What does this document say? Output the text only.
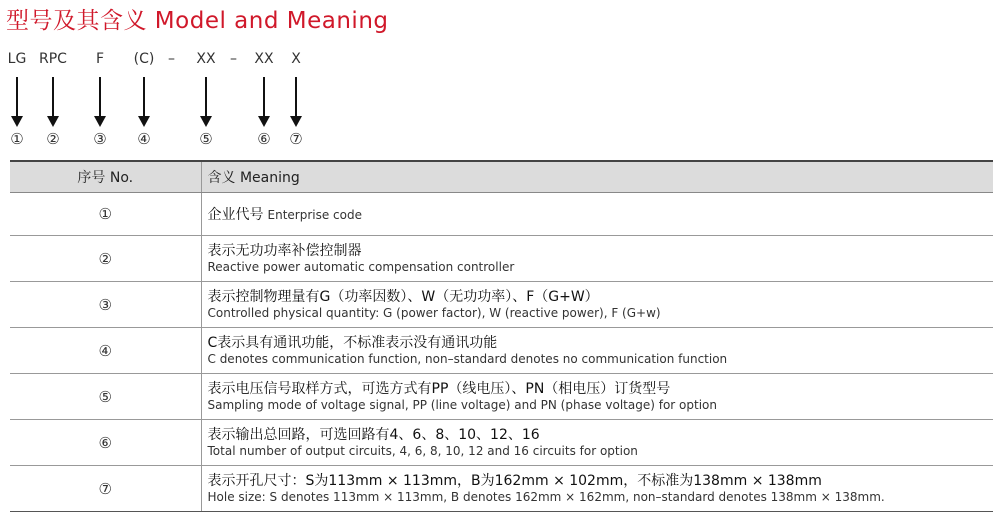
型号及其含义 Model and Meaning
LG
①
RPC
②
F
③
(C)
④
–	XX
⑤
–	XX
⑥
X
⑦
序号 No.	含义 Meaning
①	企业代号 Enterprise code
②	表示无功功率补偿控制器
Reactive power automatic compensation controller

③	表示控制物理量有G（功率因数）、W（无功功率）、F（G+W）
Controlled physical quantity: G (power factor), W (reactive power), F (G+w)

④	C表示具有通讯功能，不标准表示没有通讯功能
C denotes communication function, non–standard denotes no communication function

⑤	表示电压信号取样方式，可选方式有PP（线电压）、PN（相电压）订货型号
Sampling mode of voltage signal, PP (line voltage) and PN (phase voltage) for option

⑥	表示输出总回路，可选回路有4、6、8、10、12、16
Total number of output circuits, 4, 6, 8, 10, 12 and 16 circuits for option

⑦	表示开孔尺寸：S为113mm × 113mm，B为162mm × 102mm，不标准为138mm × 138mm
Hole size: S denotes 113mm × 113mm, B denotes 162mm × 162mm, non–standard denotes 138mm × 138mm.
